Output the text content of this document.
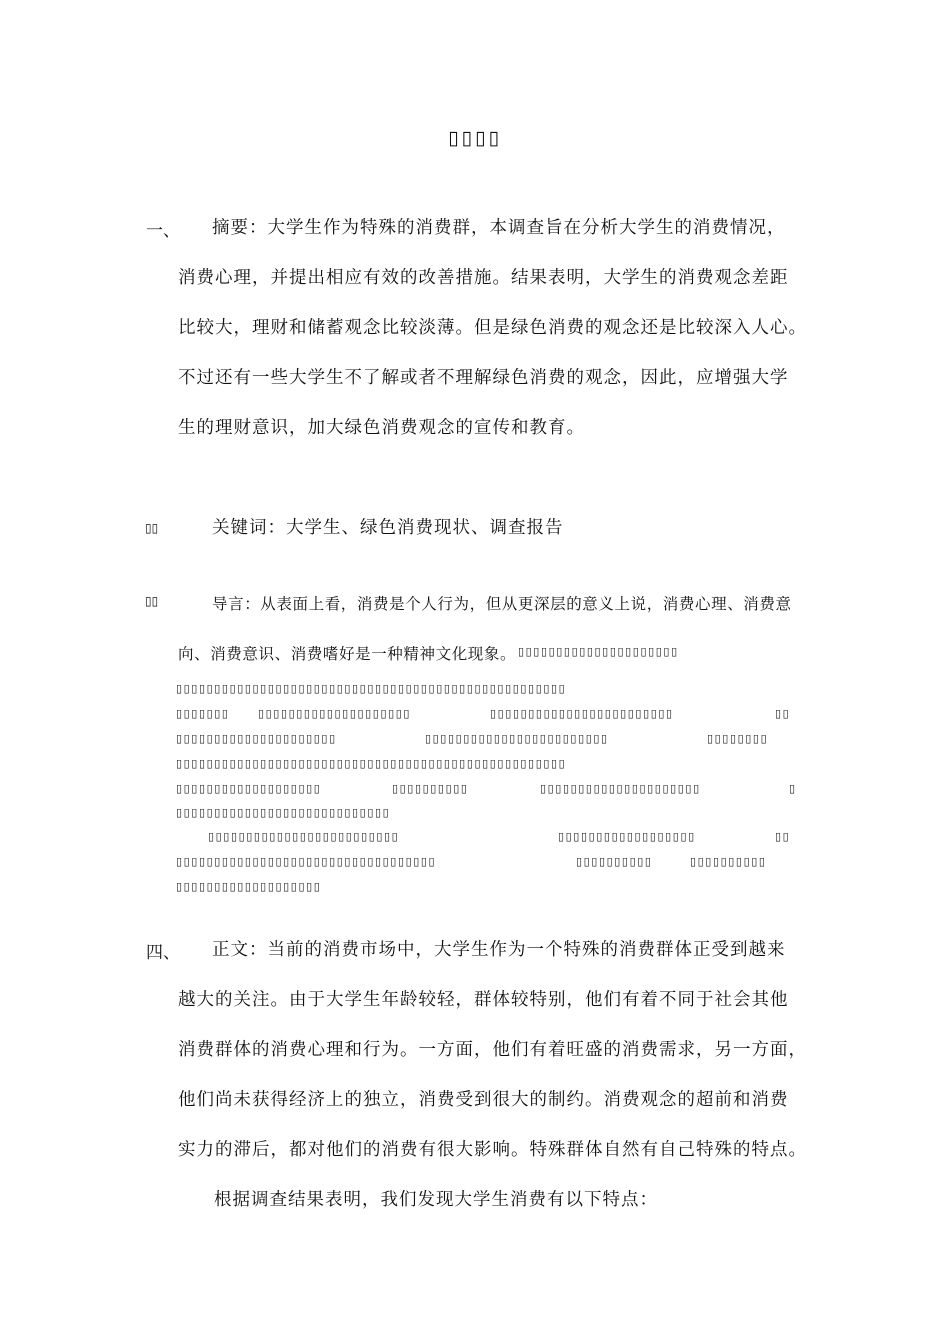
▯▯▯▯
一、 摘要：大学生作为特殊的消费群，本调查旨在分析大学生的消费情况，
消费心理，并提出相应有效的改善措施。结果表明，大学生的消费观念差距
比较大，理财和储蓄观念比较淡薄。但是绿色消费的观念还是比较深入人心。
不过还有一些大学生不了解或者不理解绿色消费的观念，因此，应增强大学
生的理财意识，加大绿色消费观念的宣传和教育。
▯▯	关键词：大学生、绿色消费现状、调查报告
▯▯	导言：从表面上看，消费是个人行为，但从更深层的意义上说，消费心理、消费意
向、消费意识、消费嗜好是一种精神文化现象。 ▯▯▯▯▯▯▯▯▯▯▯▯▯▯▯▯▯▯▯▯▯
▯▯▯▯▯▯▯▯▯▯▯▯▯▯▯▯▯▯▯▯▯▯▯▯▯▯▯▯▯▯▯▯▯▯▯▯▯▯▯▯▯▯▯▯▯▯▯▯▯▯▯
▯▯▯▯▯▯▯	▯▯▯▯▯▯▯▯▯▯▯▯▯▯▯▯▯▯▯▯	▯▯▯▯▯▯▯▯▯▯▯▯▯▯▯▯▯▯▯▯▯▯▯▯	▯▯
▯▯▯▯▯▯▯▯▯▯▯▯▯▯▯▯▯▯▯▯▯	▯▯▯▯▯▯▯▯▯▯▯▯▯▯▯▯▯▯▯▯▯▯▯▯	▯▯▯▯▯▯▯▯
▯▯▯▯▯▯▯▯▯▯▯▯▯▯▯▯▯▯▯▯▯▯▯▯▯▯▯▯▯▯▯▯▯▯▯▯▯▯▯▯▯▯▯▯▯▯▯▯▯▯▯
▯▯▯▯▯▯▯▯▯▯▯▯▯▯▯▯▯▯▯	▯▯▯▯▯▯▯▯▯▯	▯▯▯▯▯▯▯▯▯▯▯▯▯▯▯▯▯▯▯▯▯	▯
▯▯▯▯▯▯▯▯▯▯▯▯▯▯▯▯▯▯▯▯▯▯▯▯▯▯▯▯
▯▯▯▯▯▯▯▯▯▯▯▯▯▯▯▯▯▯▯▯▯▯▯▯▯	▯▯▯▯▯▯▯▯▯▯▯▯▯▯▯▯▯▯	▯▯
▯▯▯▯▯▯▯▯▯▯▯▯▯▯▯▯▯▯▯▯▯▯▯▯▯▯▯▯▯▯▯▯▯▯	▯▯▯▯▯▯▯▯▯▯	▯▯▯▯▯▯▯▯▯▯
▯▯▯▯▯▯▯▯▯▯▯▯▯▯▯▯▯▯▯
四、 正文：当前的消费市场中，大学生作为一个特殊的消费群体正受到越来
越大的关注。由于大学生年龄较轻，群体较特别，他们有着不同于社会其他
消费群体的消费心理和行为。一方面，他们有着旺盛的消费需求，另一方面，
他们尚未获得经济上的独立，消费受到很大的制约。消费观念的超前和消费
实力的滞后，都对他们的消费有很大影响。特殊群体自然有自己特殊的特点。
根据调查结果表明，我们发现大学生消费有以下特点：
